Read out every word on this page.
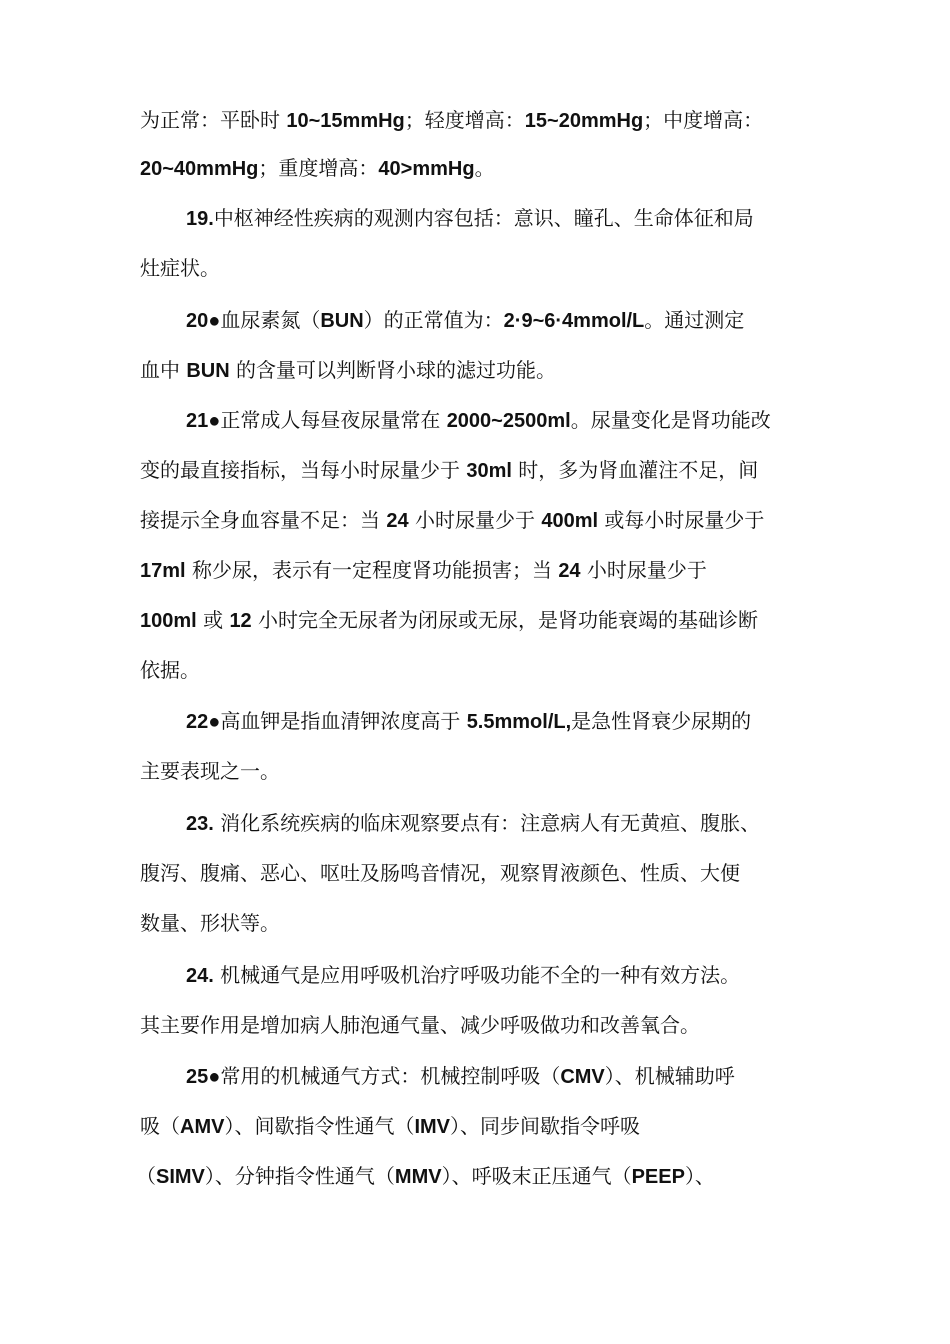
为正常：平卧时 10~15mmHg；轻度增高：15~20mmHg；中度增高：
20~40mmHg；重度增高：40>mmHg。
19.中枢神经性疾病的观测内容包括：意识、瞳孔、生命体征和局
灶症状。
20●血尿素氮（BUN）的正常值为：2·9~6·4mmol/L。通过测定
血中 BUN 的含量可以判断肾小球的滤过功能。
21●正常成人每昼夜尿量常在 2000~2500ml。尿量变化是肾功能改
变的最直接指标，当每小时尿量少于 30ml 时，多为肾血灌注不足，间
接提示全身血容量不足：当 24 小时尿量少于 400ml 或每小时尿量少于
17ml 称少尿，表示有一定程度肾功能损害；当 24 小时尿量少于
100ml 或 12 小时完全无尿者为闭尿或无尿，是肾功能衰竭的基础诊断
依据。
22●高血钾是指血清钾浓度高于 5.5mmol/L,是急性肾衰少尿期的
主要表现之一。
23. 消化系统疾病的临床观察要点有：注意病人有无黄疸、腹胀、
腹泻、腹痛、恶心、呕吐及肠鸣音情况，观察胃液颜色、性质、大便
数量、形状等。
24. 机械通气是应用呼吸机治疗呼吸功能不全的一种有效方法。
其主要作用是增加病人肺泡通气量、减少呼吸做功和改善氧合。
25●常用的机械通气方式：机械控制呼吸（CMV）、机械辅助呼
吸（AMV）、间歇指令性通气（IMV）、同步间歇指令呼吸
（SIMV）、分钟指令性通气（MMV）、呼吸末正压通气（PEEP）、
